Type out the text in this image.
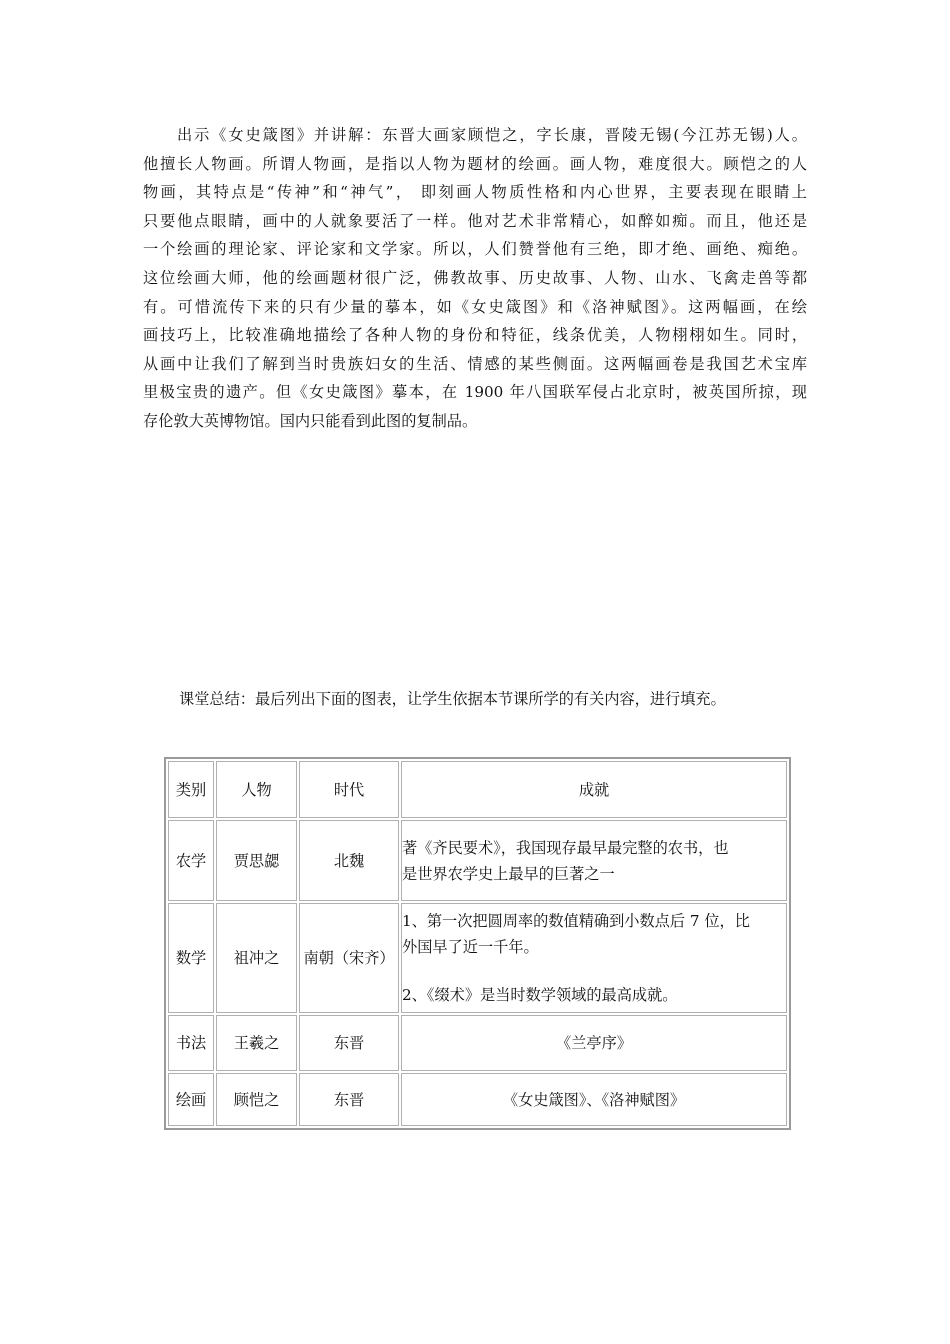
出示《女史箴图》并讲解：东晋大画家顾恺之，字长康，晋陵无锡(今江苏无锡)人。
他擅长人物画。所谓人物画，是指以人物为题材的绘画。画人物，难度很大。顾恺之的人
物画，其特点是“传神”和“神气”， 即刻画人物质性格和内心世界，主要表现在眼睛上
只要他点眼睛，画中的人就象要活了一样。他对艺术非常精心，如醉如痴。而且，他还是
一个绘画的理论家、评论家和文学家。所以，人们赞誉他有三绝，即才绝、画绝、痴绝。
这位绘画大师，他的绘画题材很广泛，佛教故事、历史故事、人物、山水、飞禽走兽等都
有。可惜流传下来的只有少量的摹本，如《女史箴图》和《洛神赋图》。这两幅画，在绘
画技巧上，比较准确地描绘了各种人物的身份和特征，线条优美，人物栩栩如生。同时，
从画中让我们了解到当时贵族妇女的生活、情感的某些侧面。这两幅画卷是我国艺术宝库
里极宝贵的遗产。但《女史箴图》摹本，在 1900 年八国联军侵占北京时，被英国所掠，现
存伦敦大英博物馆。国内只能看到此图的复制品。

课堂总结：最后列出下面的图表，让学生依据本节课所学的有关内容，进行填充。

类别	人物	时代	成就
农学	贾思勰	北魏	著《齐民要术》，我国现存最早最完整的农书，也
是世界农学史上最早的巨著之一

数学	祖冲之	南朝（宋齐）	1、第一次把圆周率的数值精确到小数点后 7 位，比
外国早了近一千年。
2、《缀术》是当时数学领域的最高成就。

书法	王羲之	东晋	《兰亭序》
绘画	顾恺之	东晋	《女史箴图》、《洛神赋图》
